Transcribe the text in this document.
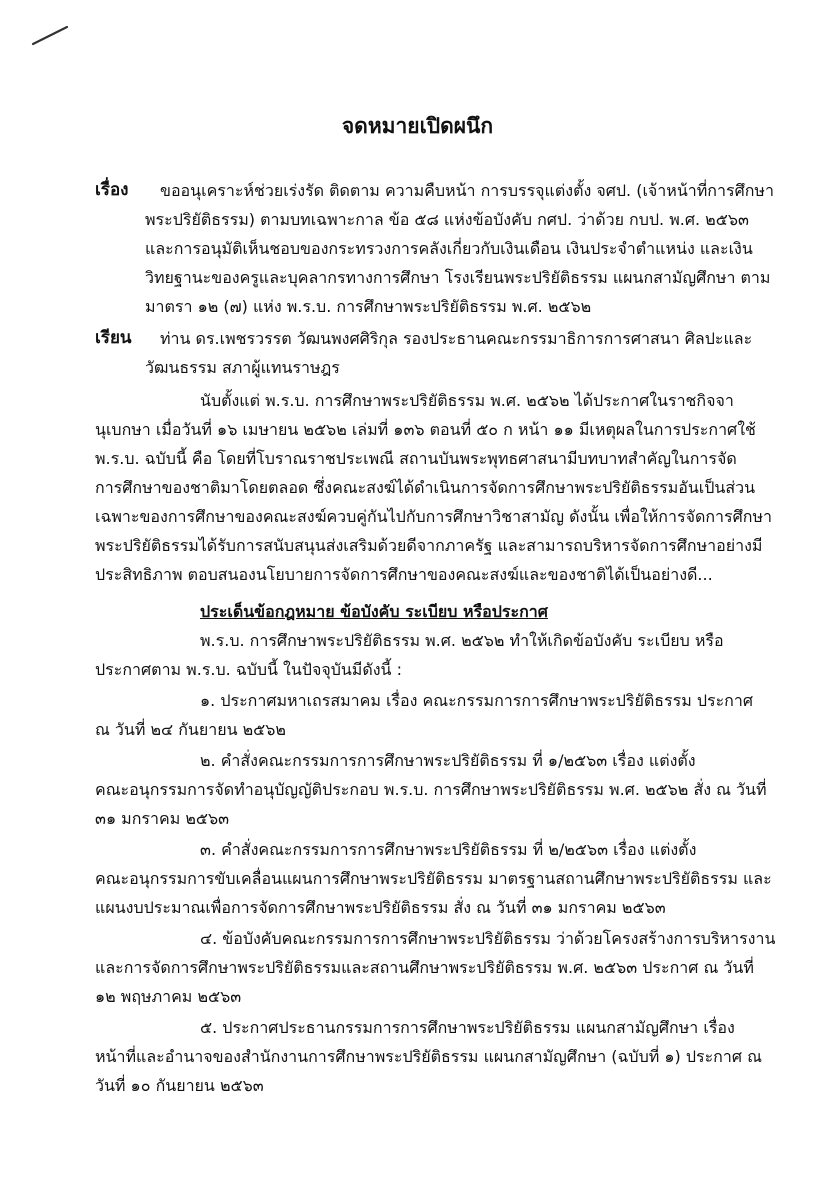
จดหมายเปิดผนึก
เรื่อง ขออนุเคราะห์ช่วยเร่งรัด ติดตาม ความคืบหน้า การบรรจุแต่งตั้ง จศป. (เจ้าหน้าที่การศึกษา
พระปริยัติธรรม) ตามบทเฉพาะกาล ข้อ ๕๘ แห่งข้อบังคับ กศป. ว่าด้วย กบป. พ.ศ. ๒๕๖๓
และการอนุมัติเห็นชอบของกระทรวงการคลังเกี่ยวกับเงินเดือน เงินประจำตำแหน่ง และเงิน
วิทยฐานะของครูและบุคลากรทางการศึกษา โรงเรียนพระปริยัติธรรม แผนกสามัญศึกษา ตาม
มาตรา ๑๒ (๗) แห่ง พ.ร.บ. การศึกษาพระปริยัติธรรม พ.ศ. ๒๕๖๒
เรียน ท่าน ดร.เพชรวรรต วัฒนพงศศิริกุล รองประธานคณะกรรมาธิการการศาสนา ศิลปะและ
วัฒนธรรม สภาผู้แทนราษฎร
นับตั้งแต่ พ.ร.บ. การศึกษาพระปริยัติธรรม พ.ศ. ๒๕๖๒ ได้ประกาศในราชกิจจา
นุเบกษา เมื่อวันที่ ๑๖ เมษายน ๒๕๖๒ เล่มที่ ๑๓๖ ตอนที่ ๕๐ ก หน้า ๑๑ มีเหตุผลในการประกาศใช้
พ.ร.บ. ฉบับนี้ คือ โดยที่โบราณราชประเพณี สถานบันพระพุทธศาสนามีบทบาทสำคัญในการจัด
การศึกษาของชาติมาโดยตลอด ซึ่งคณะสงฆ์ได้ดำเนินการจัดการศึกษาพระปริยัติธรรมอันเป็นส่วน
เฉพาะของการศึกษาของคณะสงฆ์ควบคู่กันไปกับการศึกษาวิชาสามัญ ดังนั้น เพื่อให้การจัดการศึกษา
พระปริยัติธรรมได้รับการสนับสนุนส่งเสริมด้วยดีจากภาครัฐ และสามารถบริหารจัดการศึกษาอย่างมี
ประสิทธิภาพ ตอบสนองนโยบายการจัดการศึกษาของคณะสงฆ์และของชาติได้เป็นอย่างดี...
ประเด็นข้อกฎหมาย ข้อบังคับ ระเบียบ หรือประกาศ
พ.ร.บ. การศึกษาพระปริยัติธรรม พ.ศ. ๒๕๖๒ ทำให้เกิดข้อบังคับ ระเบียบ หรือ
ประกาศตาม พ.ร.บ. ฉบับนี้ ในปัจจุบันมีดังนี้ :
๑. ประกาศมหาเถรสมาคม เรื่อง คณะกรรมการการศึกษาพระปริยัติธรรม ประกาศ
ณ วันที่ ๒๔ กันยายน ๒๕๖๒
๒. คำสั่งคณะกรรมการการศึกษาพระปริยัติธรรม ที่ ๑/๒๕๖๓ เรื่อง แต่งตั้ง
คณะอนุกรรมการจัดทำอนุบัญญัติประกอบ พ.ร.บ. การศึกษาพระปริยัติธรรม พ.ศ. ๒๕๖๒ สั่ง ณ วันที่
๓๑ มกราคม ๒๕๖๓
๓. คำสั่งคณะกรรมการการศึกษาพระปริยัติธรรม ที่ ๒/๒๕๖๓ เรื่อง แต่งตั้ง
คณะอนุกรรมการขับเคลื่อนแผนการศึกษาพระปริยัติธรรม มาตรฐานสถานศึกษาพระปริยัติธรรม และ
แผนงบประมาณเพื่อการจัดการศึกษาพระปริยัติธรรม สั่ง ณ วันที่ ๓๑ มกราคม ๒๕๖๓
๔. ข้อบังคับคณะกรรมการการศึกษาพระปริยัติธรรม ว่าด้วยโครงสร้างการบริหารงาน
และการจัดการศึกษาพระปริยัติธรรมและสถานศึกษาพระปริยัติธรรม พ.ศ. ๒๕๖๓ ประกาศ ณ วันที่
๑๒ พฤษภาคม ๒๕๖๓
๕. ประกาศประธานกรรมการการศึกษาพระปริยัติธรรม แผนกสามัญศึกษา เรื่อง
หน้าที่และอำนาจของสำนักงานการศึกษาพระปริยัติธรรม แผนกสามัญศึกษา (ฉบับที่ ๑) ประกาศ ณ
วันที่ ๑๐ กันยายน ๒๕๖๓
